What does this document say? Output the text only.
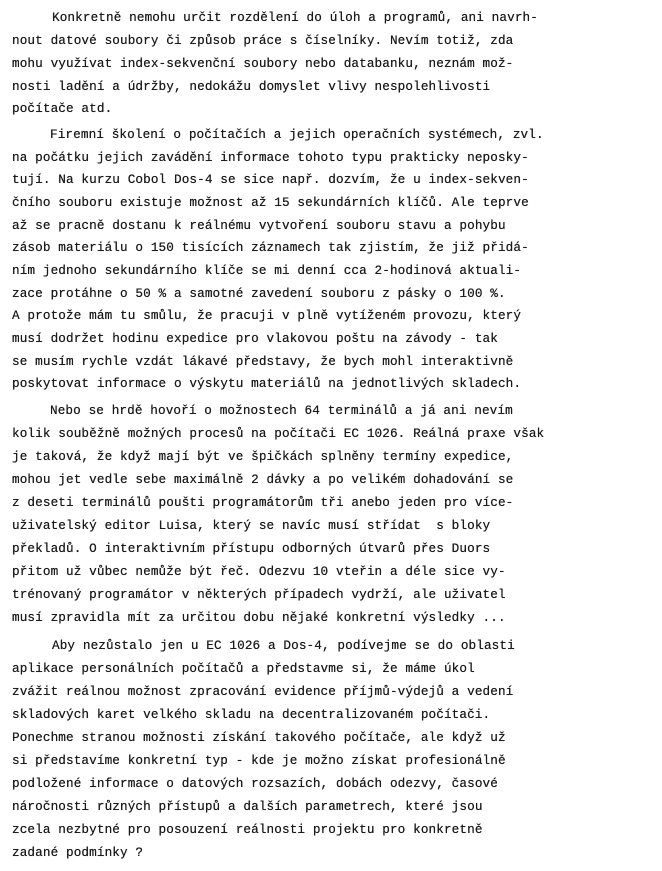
Konkretně nemohu určit rozdělení do úloh a programů, ani navrh-
nout datové soubory či způsob práce s číselníky. Nevím totiž, zda
mohu využívat index-sekvenční soubory nebo databanku, neznám mož-
nosti ladění a údržby, nedokážu domyslet vlivy nespolehlivosti
počítače atd.
Firemní školení o počítačích a jejich operačních systémech, zvl.
na počátku jejich zavádění informace tohoto typu prakticky neposky-
tují. Na kurzu Cobol Dos-4 se sice např. dozvím, že u index-sekven-
čního souboru existuje možnost až 15 sekundárních klíčů. Ale teprve
až se pracně dostanu k reálnému vytvoření souboru stavu a pohybu
zásob materiálu o 150 tisících záznamech tak zjistím, že již přidá-
ním jednoho sekundárního klíče se mi denní cca 2-hodinová aktuali-
zace protáhne o 50 % a samotné zavedení souboru z pásky o 100 %.
A protože mám tu smůlu, že pracuji v plně vytíženém provozu, který
musí dodržet hodinu expedice pro vlakovou poštu na závody - tak
se musím rychle vzdát lákavé představy, že bych mohl interaktivně
poskytovat informace o výskytu materiálů na jednotlivých skladech.
Nebo se hrdě hovoří o možnostech 64 terminálů a já ani nevím
kolik souběžně možných procesů na počítači EC 1026. Reálná praxe však
je taková, že když mají být ve špičkách splněny termíny expedice,
mohou jet vedle sebe maximálně 2 dávky a po velikém dohadování se
z deseti terminálů poušti programátorům tři anebo jeden pro více-
uživatelský editor Luisa, který se navíc musí střídat  s bloky
překladů. O interaktivním přístupu odborných útvarů přes Duors
přitom už vůbec nemůže být řeč. Odezvu 10 vteřin a déle sice vy-
trénovaný programátor v některých případech vydrží, ale uživatel
musí zpravidla mít za určitou dobu nějaké konkretní výsledky ...
Aby nezůstalo jen u EC 1026 a Dos-4, podívejme se do oblasti
aplikace personálních počítačů a představme si, že máme úkol
zvážit reálnou možnost zpracování evidence příjmů-výdejů a vedení
skladových karet velkého skladu na decentralizovaném počítači.
Ponechme stranou možnosti získání takového počítače, ale když už
si představíme konkretní typ - kde je možno získat profesionálně
podložené informace o datových rozsazích, dobách odezvy, časové
náročnosti různých přístupů a dalších parametrech, které jsou
zcela nezbytné pro posouzení reálnosti projektu pro konkretně
zadané podmínky ?
